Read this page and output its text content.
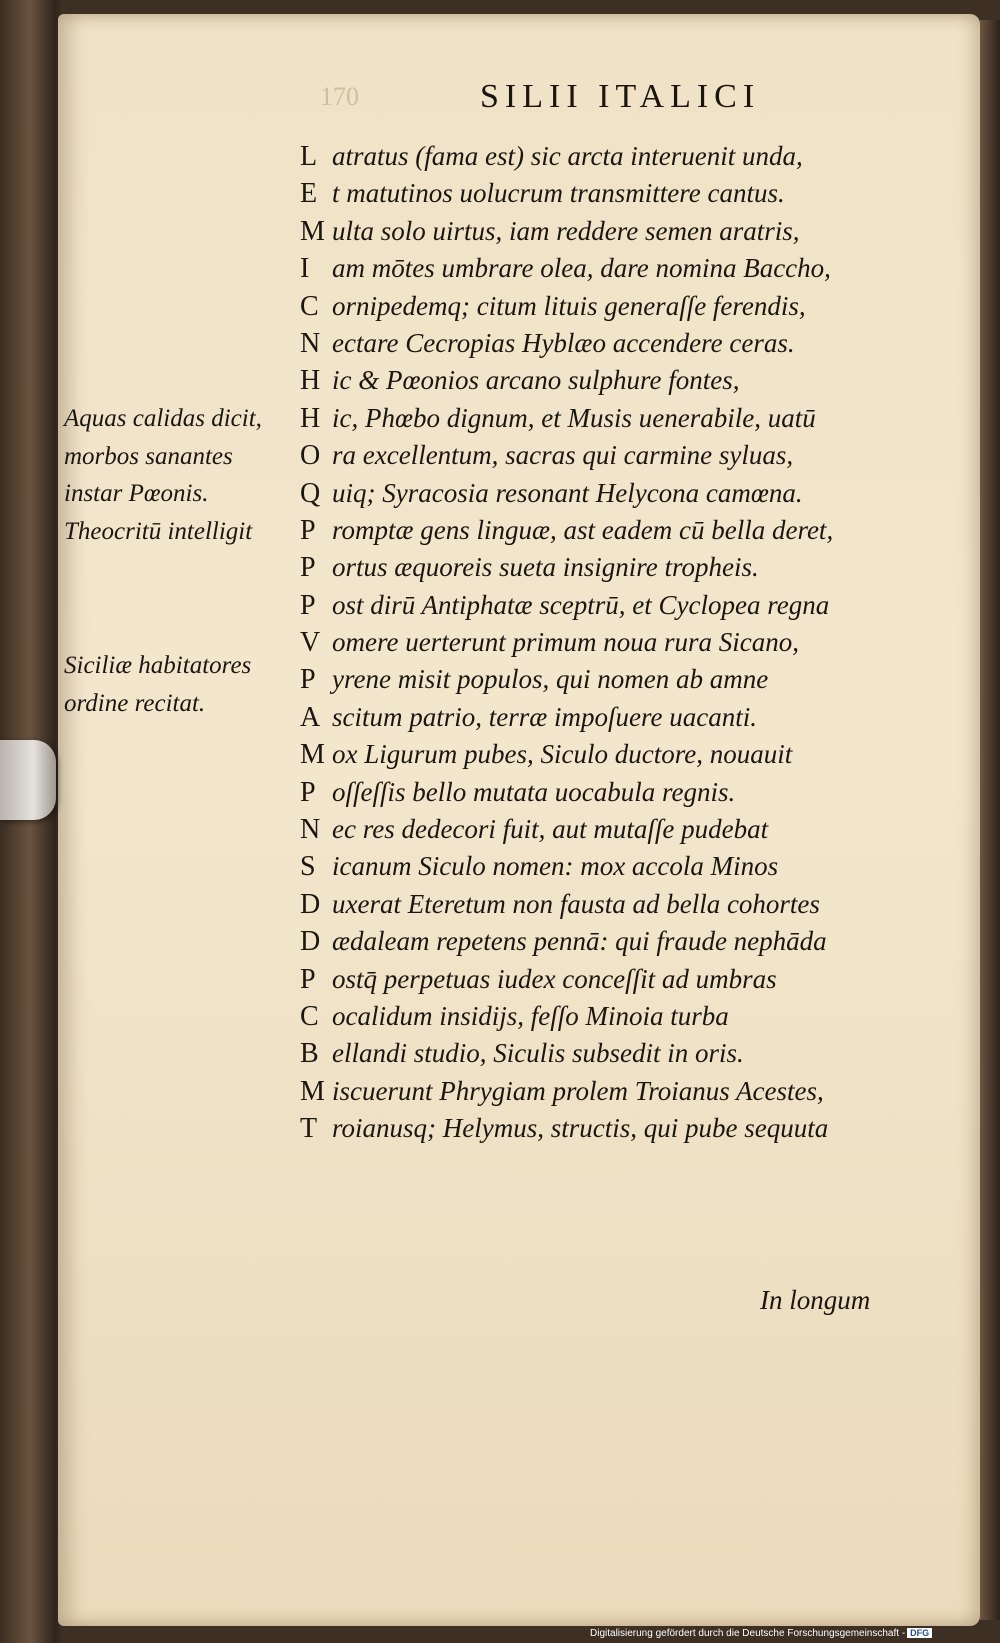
170	SILII ITALICI
L atratus (fama est) sic arcta interuenit unda,
E t matutinos uolucrum transmittere cantus.
M ulta solo uirtus, iam reddere semen aratris,
I am mōtes umbrare olea, dare nomina Baccho,
C ornipedemq; citum lituis generaſſe ferendis,
N ectare Cecropias Hyblæo accendere ceras.
H ic & Pœonios arcano sulphure fontes,
H ic, Phœbo dignum, et Musis uenerabile, uatū
O ra excellentum, sacras qui carmine syluas,
Q uiq; Syracosia resonant Helycona camœna.
P romptæ gens linguæ, ast eadem cū bella deret,
P ortus æquoreis sueta insignire tropheis.
P ost dirū Antiphatæ sceptrū, et Cyclopea regna
V omere uerterunt primum noua rura Sicano,
P yrene misit populos, qui nomen ab amne
A scitum patrio, terræ impoſuere uacanti.
M ox Ligurum pubes, Siculo ductore, nouauit
P oſſeſſis bello mutata uocabula regnis.
N ec res dedecori fuit, aut mutaſſe pudebat
S icanum Siculo nomen: mox accola Minos
D uxerat Eteretum non fausta ad bella cohortes
D ædaleam repetens pennā: qui fraude nephāda
P ostq̄ perpetuas iudex conceſſit ad umbras
C ocalidum insidijs, feſſo Minoia turba
B ellandi studio, Siculis subsedit in oris.
M iscuerunt Phrygiam prolem Troianus Acestes,
T roianusq; Helymus, structis, qui pube sequuta
Aquas calidas dicit,
morbos sanantes
instar Pœonis.
Theocritū intelligit
Siciliæ habitatores
ordine recitat.
In longum
Digitalisierung gefördert durch die Deutsche Forschungsgemeinschaft - DFG
